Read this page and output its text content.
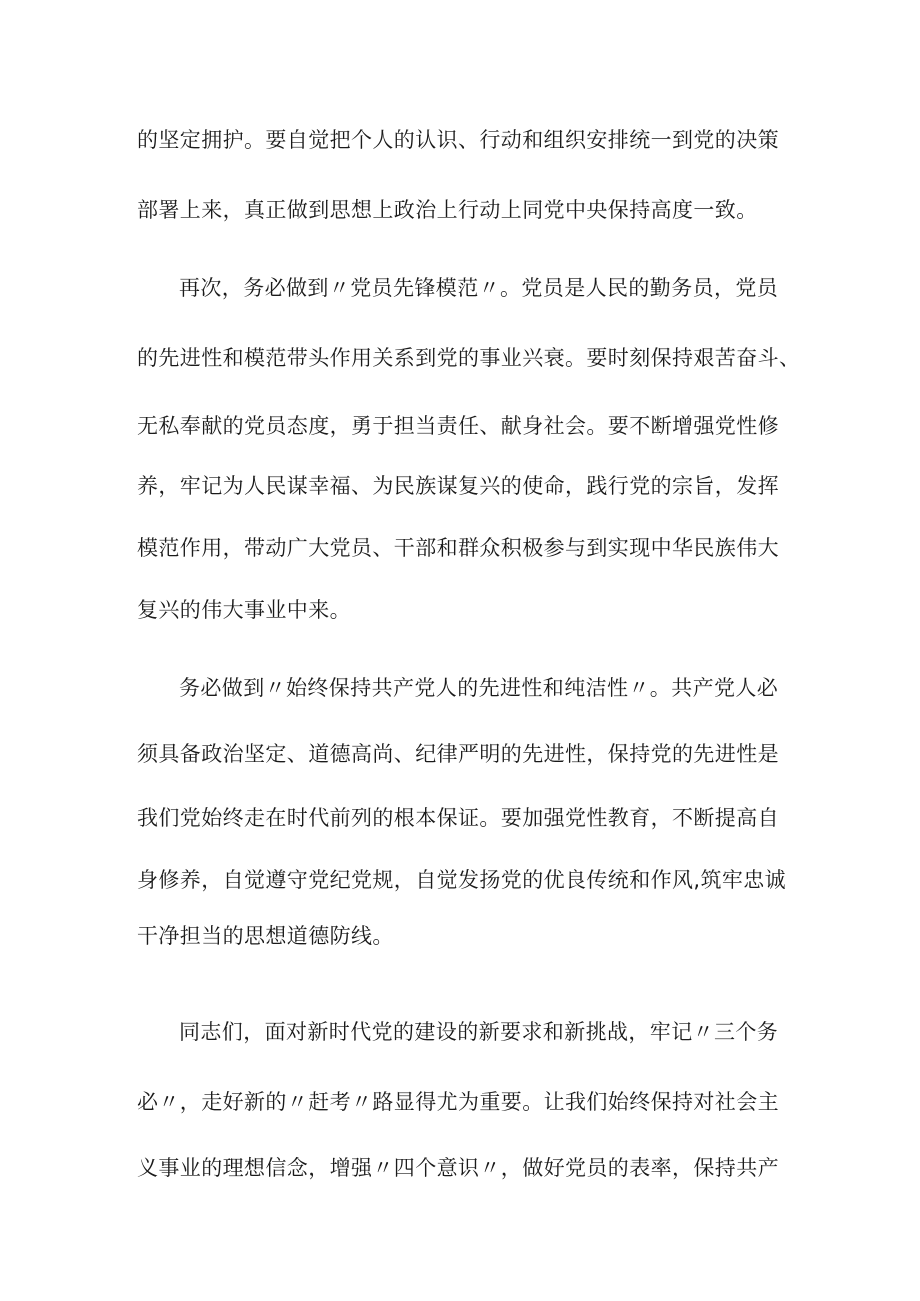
的坚定拥护。要自觉把个人的认识、行动和组织安排统一到党的决策
部署上来，真正做到思想上政治上行动上同党中央保持高度一致。
再次，务必做到〃党员先锋模范〃。党员是人民的勤务员，党员
的先进性和模范带头作用关系到党的事业兴衰。要时刻保持艰苦奋斗、
无私奉献的党员态度，勇于担当责任、献身社会。要不断增强党性修
养，牢记为人民谋幸福、为民族谋复兴的使命，践行党的宗旨，发挥
模范作用，带动广大党员、干部和群众积极参与到实现中华民族伟大
复兴的伟大事业中来。
务必做到〃始终保持共产党人的先进性和纯洁性〃。共产党人必
须具备政治坚定、道德高尚、纪律严明的先进性，保持党的先进性是
我们党始终走在时代前列的根本保证。要加强党性教育，不断提高自
身修养，自觉遵守党纪党规，自觉发扬党的优良传统和作风,筑牢忠诚
干净担当的思想道德防线。
同志们，面对新时代党的建设的新要求和新挑战，牢记〃三个务
必〃，走好新的〃赶考〃路显得尤为重要。让我们始终保持对社会主
义事业的理想信念，增强〃四个意识〃，做好党员的表率，保持共产
